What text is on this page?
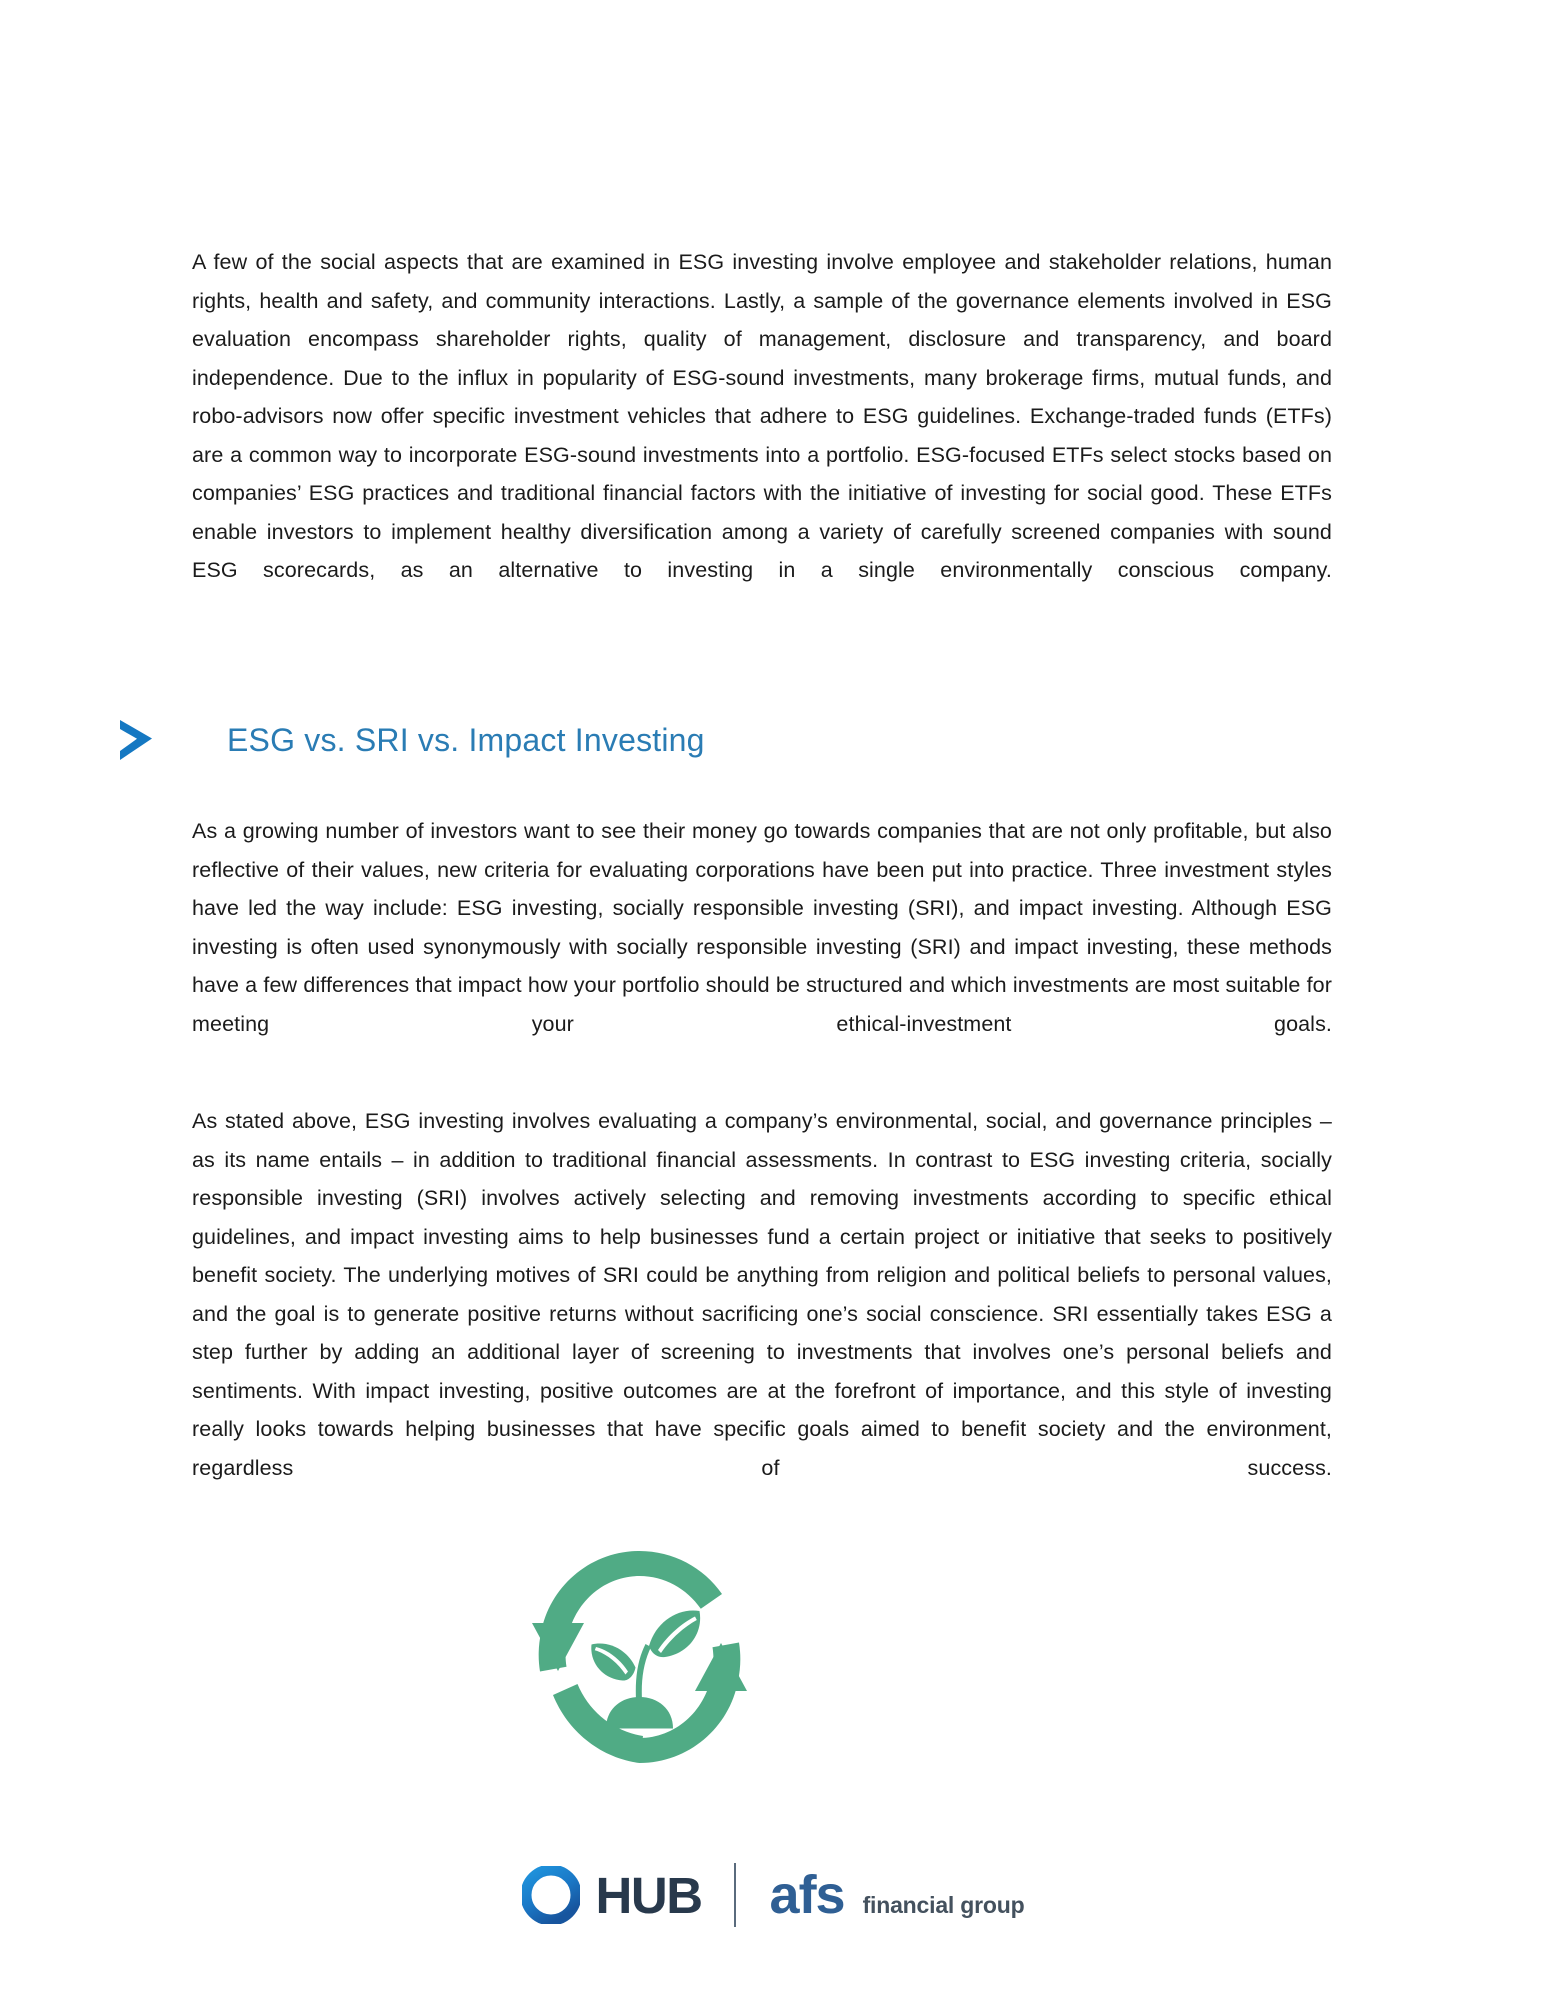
A few of the social aspects that are examined in ESG investing involve employee and stakeholder relations, human rights, health and safety, and community interactions. Lastly, a sample of the governance elements involved in ESG evaluation encompass shareholder rights, quality of management, disclosure and transparency, and board independence. Due to the influx in popularity of ESG-sound investments, many brokerage firms, mutual funds, and robo-advisors now offer specific investment vehicles that adhere to ESG guidelines. Exchange-traded funds (ETFs) are a common way to incorporate ESG-sound investments into a portfolio. ESG-focused ETFs select stocks based on companies’ ESG practices and traditional financial factors with the initiative of investing for social good. These ETFs enable investors to implement healthy diversification among a variety of carefully screened companies with sound ESG scorecards, as an alternative to investing in a single environmentally conscious company.

ESG vs. SRI vs. Impact Investing

As a growing number of investors want to see their money go towards companies that are not only profitable, but also reflective of their values, new criteria for evaluating corporations have been put into practice. Three investment styles have led the way include: ESG investing, socially responsible investing (SRI), and impact investing. Although ESG investing is often used synonymously with socially responsible investing (SRI) and impact investing, these methods have a few differences that impact how your portfolio should be structured and which investments are most suitable for meeting your ethical-investment goals.

As stated above, ESG investing involves evaluating a company’s environmental, social, and governance principles – as its name entails – in addition to traditional financial assessments. In contrast to ESG investing criteria, socially responsible investing (SRI) involves actively selecting and removing investments according to specific ethical guidelines, and impact investing aims to help businesses fund a certain project or initiative that seeks to positively benefit society. The underlying motives of SRI could be anything from religion and political beliefs to personal values, and the goal is to generate positive returns without sacrificing one’s social conscience. SRI essentially takes ESG a step further by adding an additional layer of screening to investments that involves one’s personal beliefs and sentiments. With impact investing, positive outcomes are at the forefront of importance, and this style of investing really looks towards helping businesses that have specific goals aimed to benefit society and the environment, regardless of success.

HUB afs financial group
